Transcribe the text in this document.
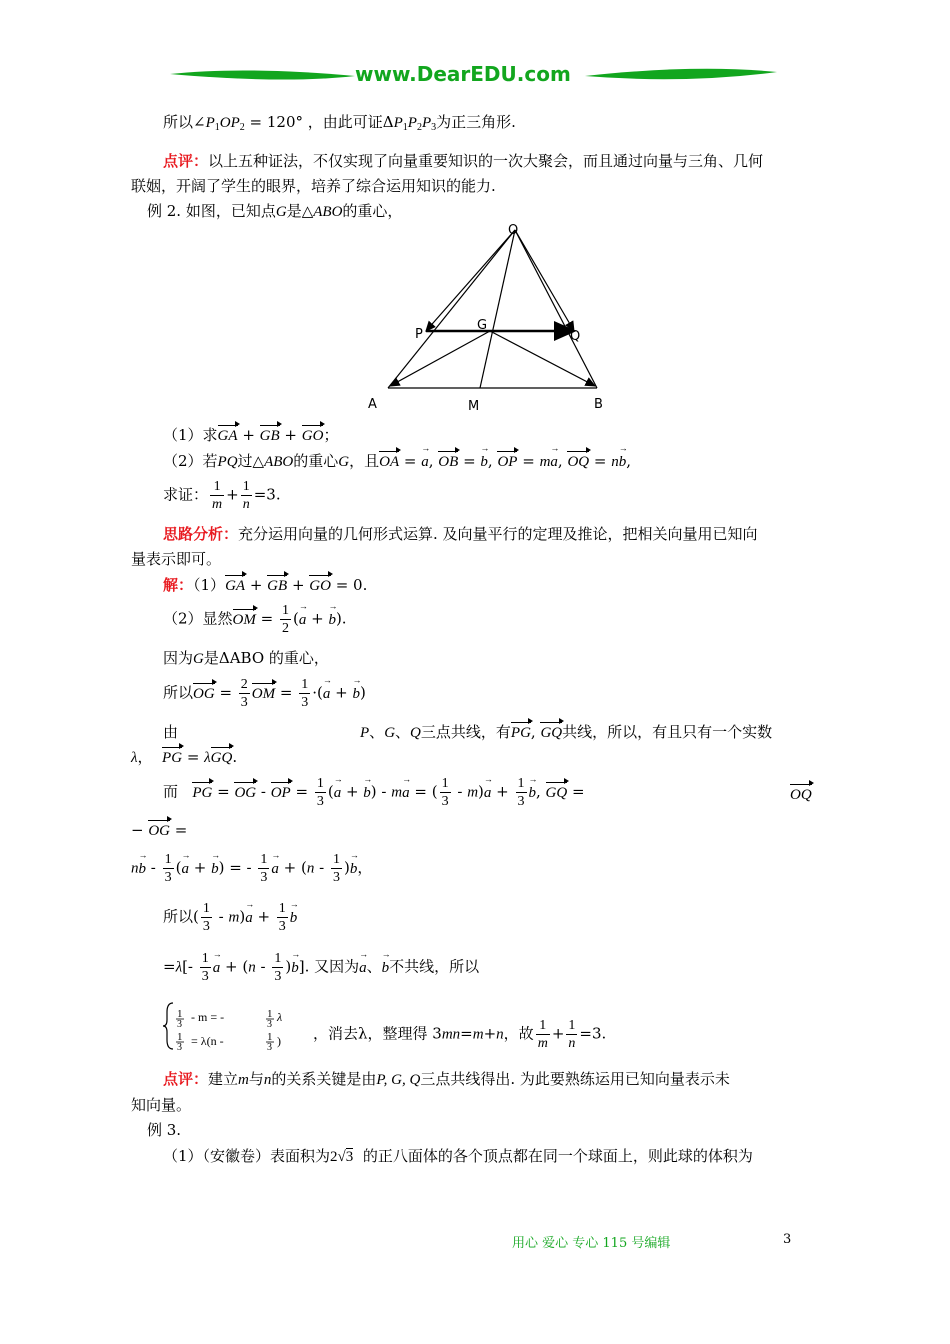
www.DearEDU.com
所以$\angle P_1OP_2 = 120^\circ$ ，由此可证$\Delta P_1P_2P_3$为正三角形.
点评：以上五种证法，不仅实现了向量重要知识的一次大聚会，而且通过向量与三角、几何
联姻，开阔了学生的眼界，培养了综合运用知识的能力.
例 2. 如图，已知点G是△ABO的重心，
O
P
G
Q
A	M	B
（1）求GA + GB + GO；
（2）若PQ过△ABO的重心G，且OA = → a, OB = → b, OP = m→ a, OQ = n→ b,
求证： $\frac{1}{m} + \frac{1}{n} =3$.
思路分析：充分运用向量的几何形式运算. 及向量平行的定理及推论，把相关向量用已知向
量表示即可。
解：（1）GA + GB + GO = 0.
（2）显然OM = $\frac{1}{2}$ (→ a + → b).
因为G是ΔABO 的重心，
所以OG = $\frac{2}{3}$ OM = $\frac{1}{3}$ ·(→ a + → b)
由	P、G、Q三点共线，有PG, GQ共线，所以，有且只有一个实数
λ，  PG = λGQ.
而 PG = OG - OP = $\frac{1}{3}$ (→ a + → b) - m→ a = ( $\frac{1}{3} - m)\to a + \frac{1}{3} \to b$, GQ =	OQ
− OG =
$n\to b - \frac{1}{3}$ (→ a + → b) = - $\frac{1}{3} \to a + (n - \frac{1}{3}$ )→ b，
所以( $\frac{1}{3} - m)\to a + \frac{1}{3} \to b$
$=\lambda[- \frac{1}{3} \to a + (n - \frac{1}{3}$ )→ b]. 又因为→ a、→ b不共线，所以
1
3
- m = -	1
3
λ
1
3 = λ(n -	1
3 ) ，消去λ，整理得 3mn=m+n，故 $\frac{1}{m} + \frac{1}{n} =3$.
点评：建立m与n的关系关键是由P, G, Q三点共线得出. 为此要熟练运用已知向量表示未
知向量。
例 3.
（1）（安徽卷）表面积为2√3 的正八面体的各个顶点都在同一个球面上，则此球的体积为
用心 爱心 专心 115 号编辑	3
